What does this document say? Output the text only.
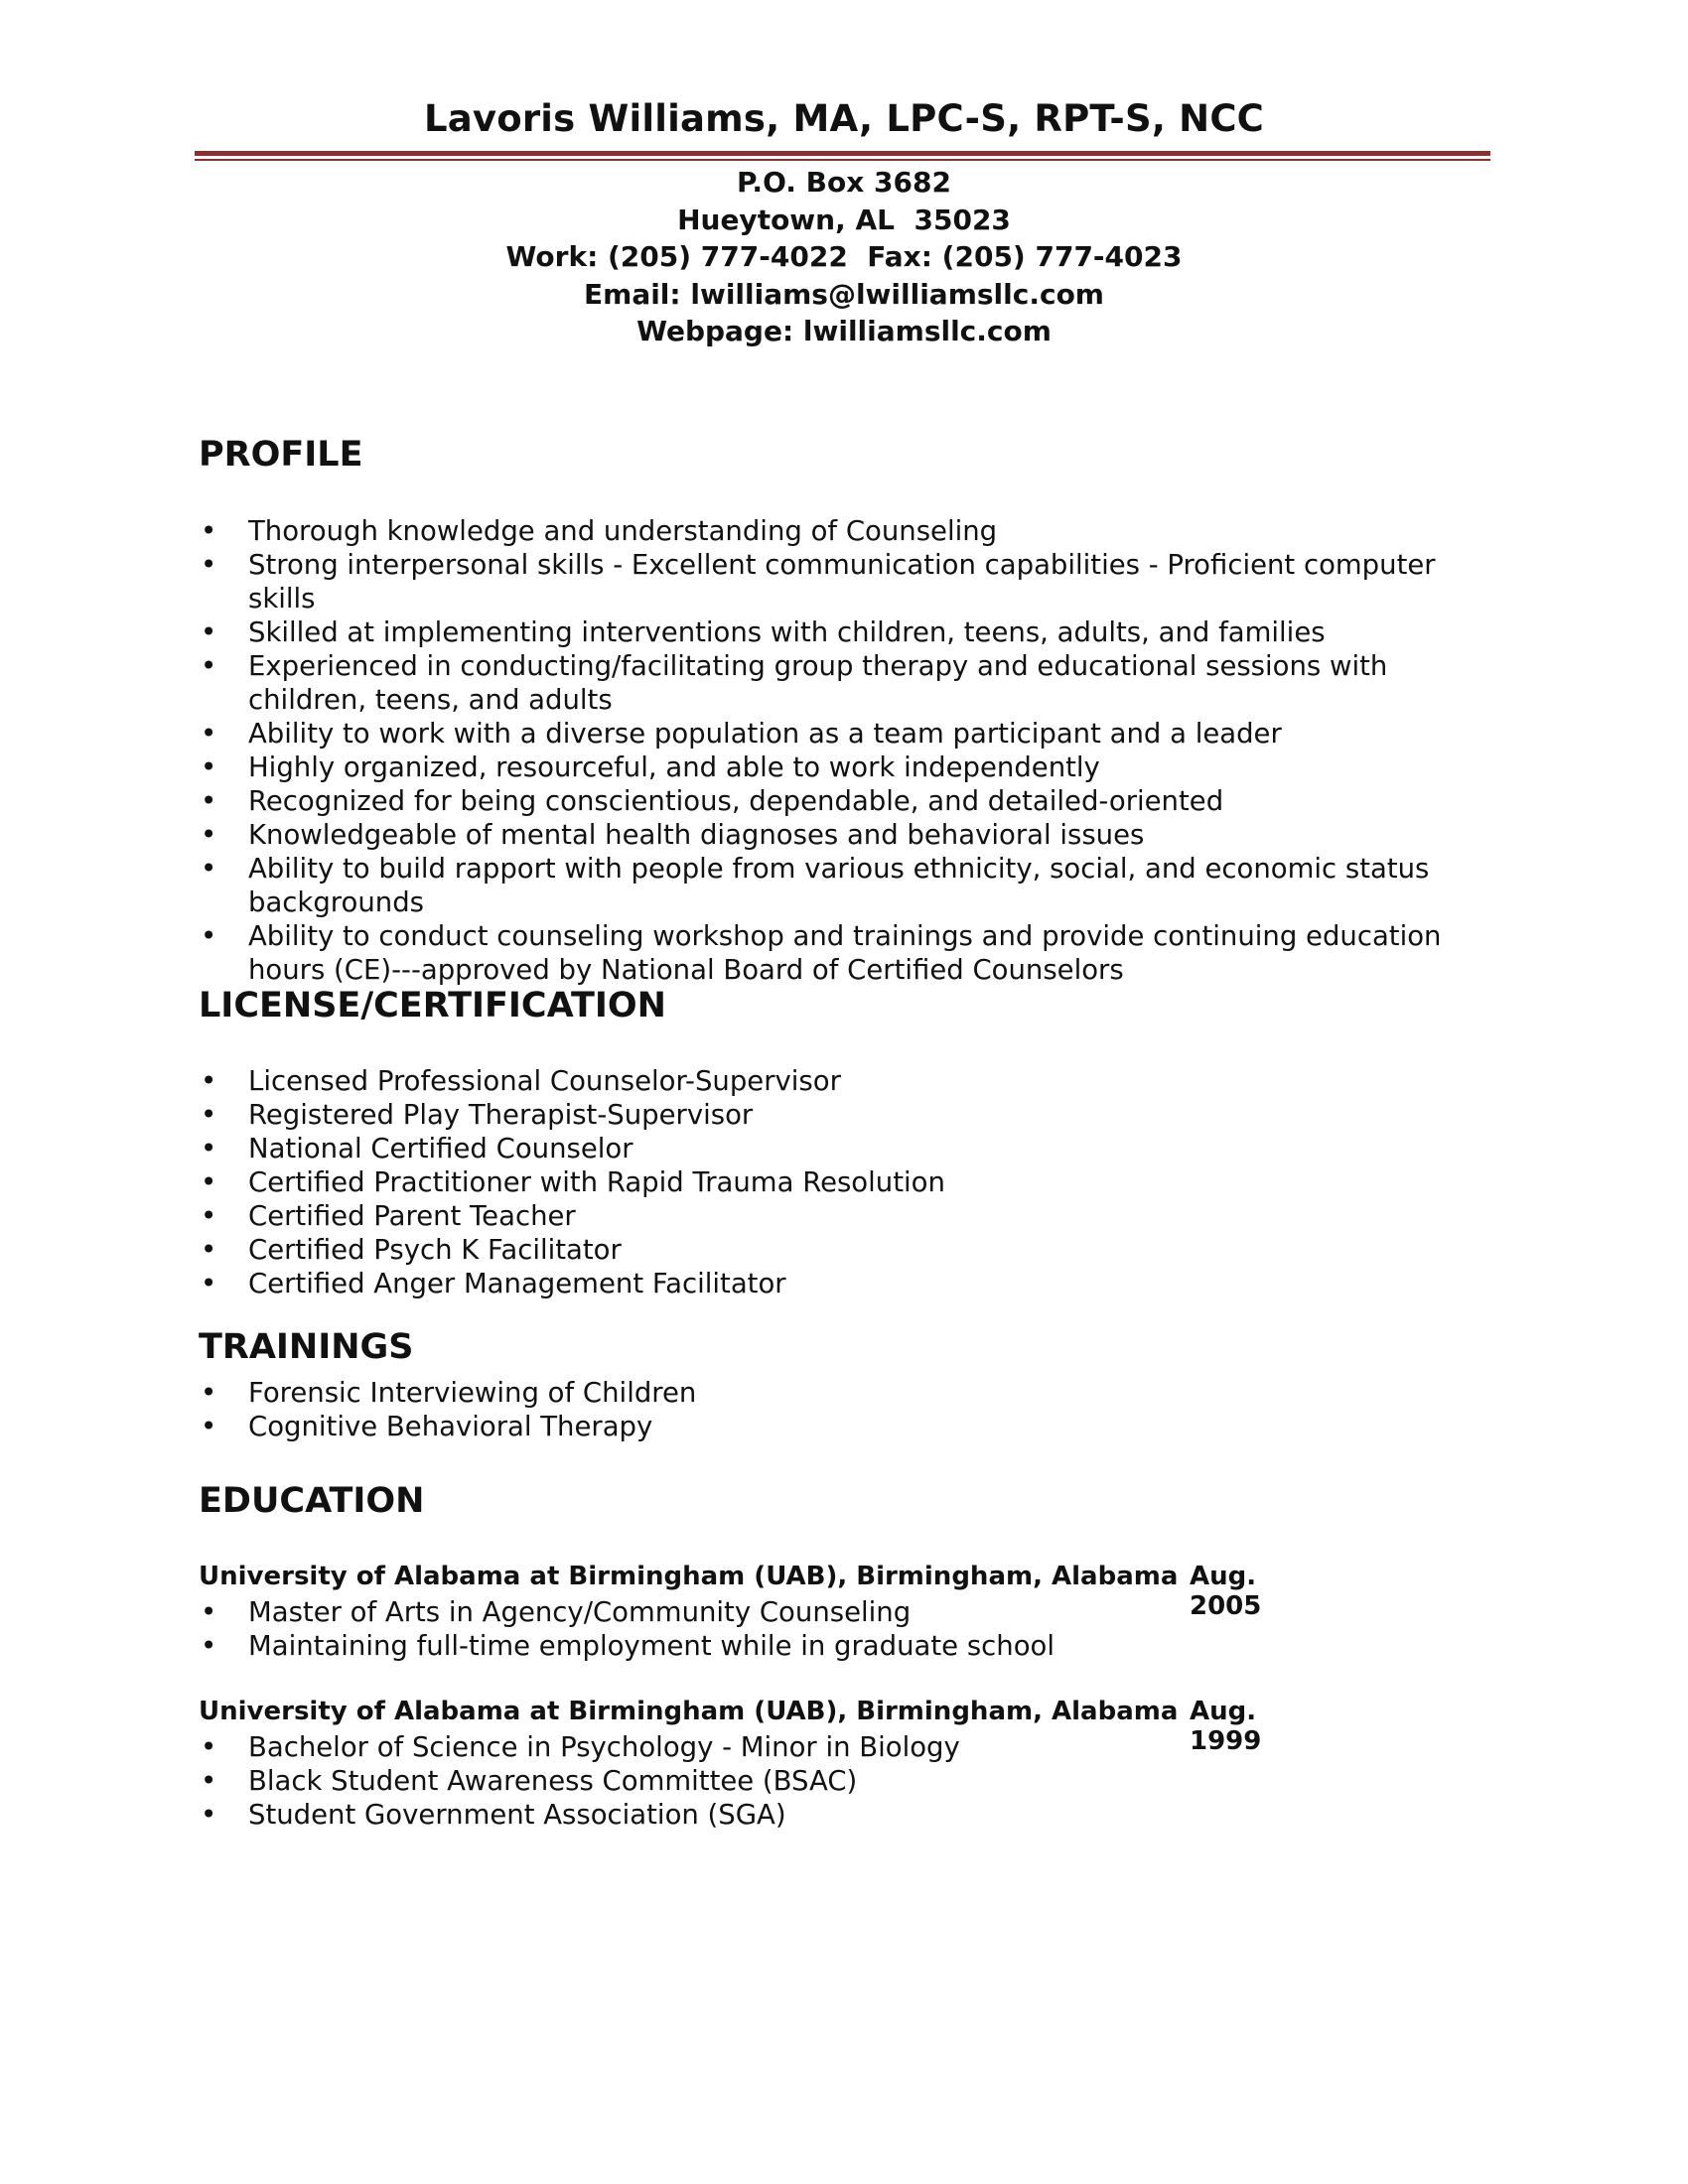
Lavoris Williams, MA, LPC-S, RPT-S, NCC
P.O. Box 3682
Hueytown, AL  35023
Work: (205) 777-4022  Fax: (205) 777-4023
Email: lwilliams@lwilliamsllc.com
Webpage: lwilliamsllc.com
PROFILE
• Thorough knowledge and understanding of Counseling
• Strong interpersonal skills - Excellent communication capabilities - Proficient computer skills
• Skilled at implementing interventions with children, teens, adults, and families
• Experienced in conducting/facilitating group therapy and educational sessions with children, teens, and adults
• Ability to work with a diverse population as a team participant and a leader
• Highly organized, resourceful, and able to work independently
• Recognized for being conscientious, dependable, and detailed-oriented
• Knowledgeable of mental health diagnoses and behavioral issues
• Ability to build rapport with people from various ethnicity, social, and economic status backgrounds
• Ability to conduct counseling workshop and trainings and provide continuing education hours (CE)---approved by National Board of Certified Counselors
LICENSE/CERTIFICATION
• Licensed Professional Counselor-Supervisor
• Registered Play Therapist-Supervisor
• National Certified Counselor
• Certified Practitioner with Rapid Trauma Resolution
• Certified Parent Teacher
• Certified Psych K Facilitator
• Certified Anger Management Facilitator
TRAININGS
• Forensic Interviewing of Children
• Cognitive Behavioral Therapy
EDUCATION
University of Alabama at Birmingham (UAB), Birmingham, Alabama Aug. 2005
• Master of Arts in Agency/Community Counseling
• Maintaining full-time employment while in graduate school
University of Alabama at Birmingham (UAB), Birmingham, Alabama Aug. 1999
• Bachelor of Science in Psychology - Minor in Biology
• Black Student Awareness Committee (BSAC)
• Student Government Association (SGA)
